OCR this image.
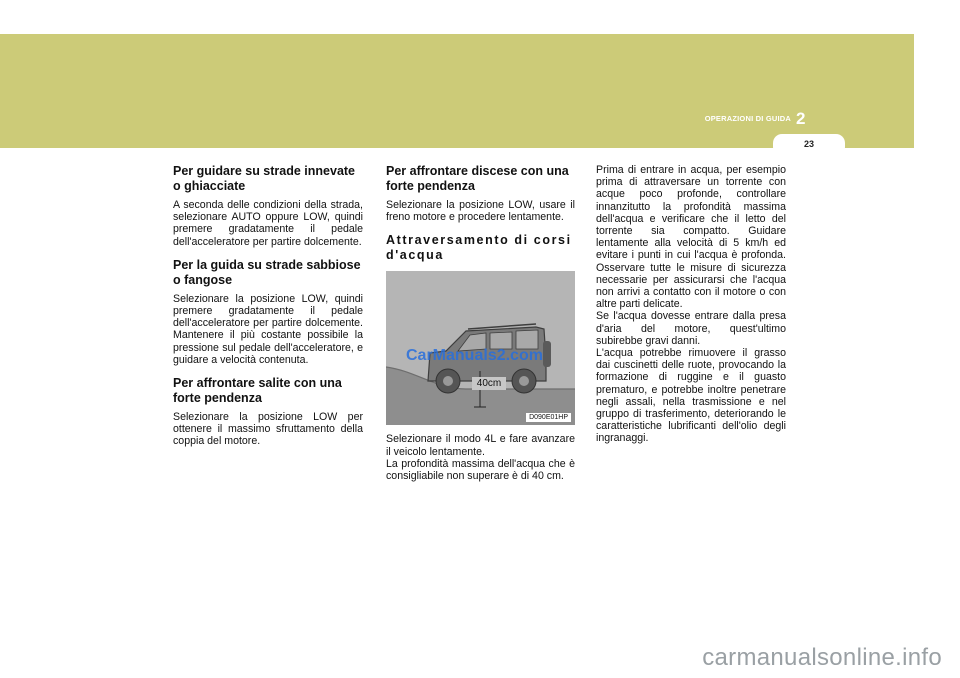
OPERAZIONI DI GUIDA 2
23
Per guidare su strade innevate o ghiacciate

A seconda delle condizioni della strada, selezionare AUTO oppure LOW, quindi premere gradatamente il pedale dell'acceleratore per partire dolcemente.

Per la guida su strade sabbiose o fangose

Selezionare la posizione LOW, quindi premere gradatamente il pedale dell'acceleratore per partire dolcemente. Mantenere il più costante possibile la pressione sul pedale dell'acceleratore, e guidare a velocità contenuta.

Per affrontare salite con una forte pendenza

Selezionare la posizione LOW per ottenere il massimo sfruttamento della coppia del motore.

Per affrontare discese con una forte pendenza

Selezionare la posizione LOW, usare il freno motore e procedere lentamente.

Attraversamento di corsi d'acqua
CarManuals2.com
40cm
D090E01HP

Selezionare il modo 4L e fare avanzare il veicolo lentamente.

La profondità massima dell'acqua che è consigliabile non superare è di 40 cm.

Prima di entrare in acqua, per esempio prima di attraversare un torrente con acque poco profonde, controllare innanzitutto la profondità massima dell'acqua e verificare che il letto del torrente sia compatto. Guidare lentamente alla velocità di 5 km/h ed evitare i punti in cui l'acqua è profonda. Osservare tutte le misure di sicurezza necessarie per assicurarsi che l'acqua non arrivi a contatto con il motore o con altre parti delicate.

Se l'acqua dovesse entrare dalla presa d'aria del motore, quest'ultimo subirebbe gravi danni.

L'acqua potrebbe rimuovere il grasso dai cuscinetti delle ruote, provocando la formazione di ruggine e il guasto prematuro, e potrebbe inoltre penetrare negli assali, nella trasmissione e nel gruppo di trasferimento, deteriorando le caratteristiche lubrificanti dell'olio degli ingranaggi.

carmanualsonline.info
